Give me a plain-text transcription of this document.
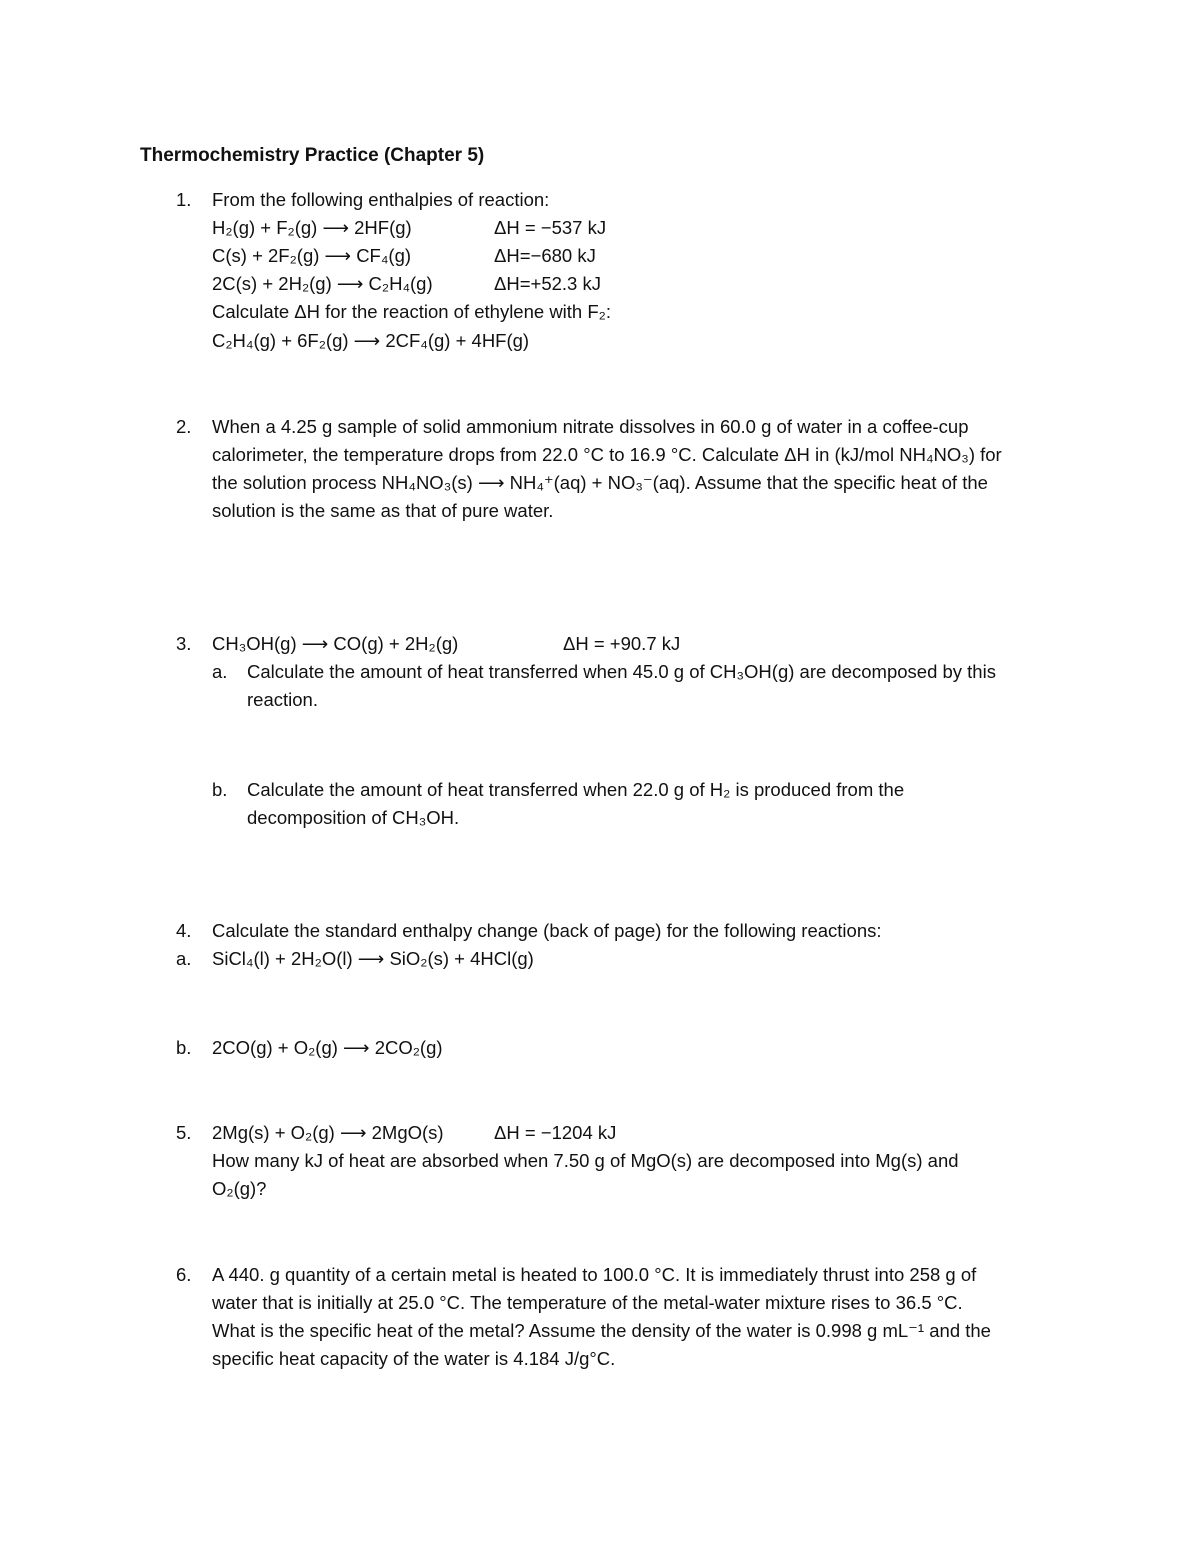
Thermochemistry Practice (Chapter 5)
1. From the following enthalpies of reaction:
H₂(g) + F₂(g) ⟶ 2HF(g)	ΔH = −537 kJ
C(s) + 2F₂(g) ⟶ CF₄(g)	ΔH=−680 kJ
2C(s) + 2H₂(g) ⟶ C₂H₄(g)	ΔH=+52.3 kJ
Calculate ΔH for the reaction of ethylene with F₂:
C₂H₄(g) + 6F₂(g) ⟶ 2CF₄(g) + 4HF(g)
2. When a 4.25 g sample of solid ammonium nitrate dissolves in 60.0 g of water in a coffee-cup
calorimeter, the temperature drops from 22.0 °C to 16.9 °C. Calculate ΔH in (kJ/mol NH₄NO₃) for
the solution process NH₄NO₃(s) ⟶ NH₄⁺(aq) + NO₃⁻(aq). Assume that the specific heat of the
solution is the same as that of pure water.
3. CH₃OH(g) ⟶ CO(g) + 2H₂(g)	ΔH = +90.7 kJ
a. Calculate the amount of heat transferred when 45.0 g of CH₃OH(g) are decomposed by this
reaction.
b. Calculate the amount of heat transferred when 22.0 g of H₂ is produced from the
decomposition of CH₃OH.
4. Calculate the standard enthalpy change (back of page) for the following reactions:
a. SiCl₄(l) + 2H₂O(l) ⟶ SiO₂(s) + 4HCl(g)
b. 2CO(g) + O₂(g) ⟶ 2CO₂(g)
5. 2Mg(s) + O₂(g) ⟶ 2MgO(s)	ΔH = −1204 kJ
How many kJ of heat are absorbed when 7.50 g of MgO(s) are decomposed into Mg(s) and
O₂(g)?
6. A 440. g quantity of a certain metal is heated to 100.0 °C. It is immediately thrust into 258 g of
water that is initially at 25.0 °C. The temperature of the metal-water mixture rises to 36.5 °C.
What is the specific heat of the metal? Assume the density of the water is 0.998 g mL⁻¹ and the
specific heat capacity of the water is 4.184 J/g°C.
